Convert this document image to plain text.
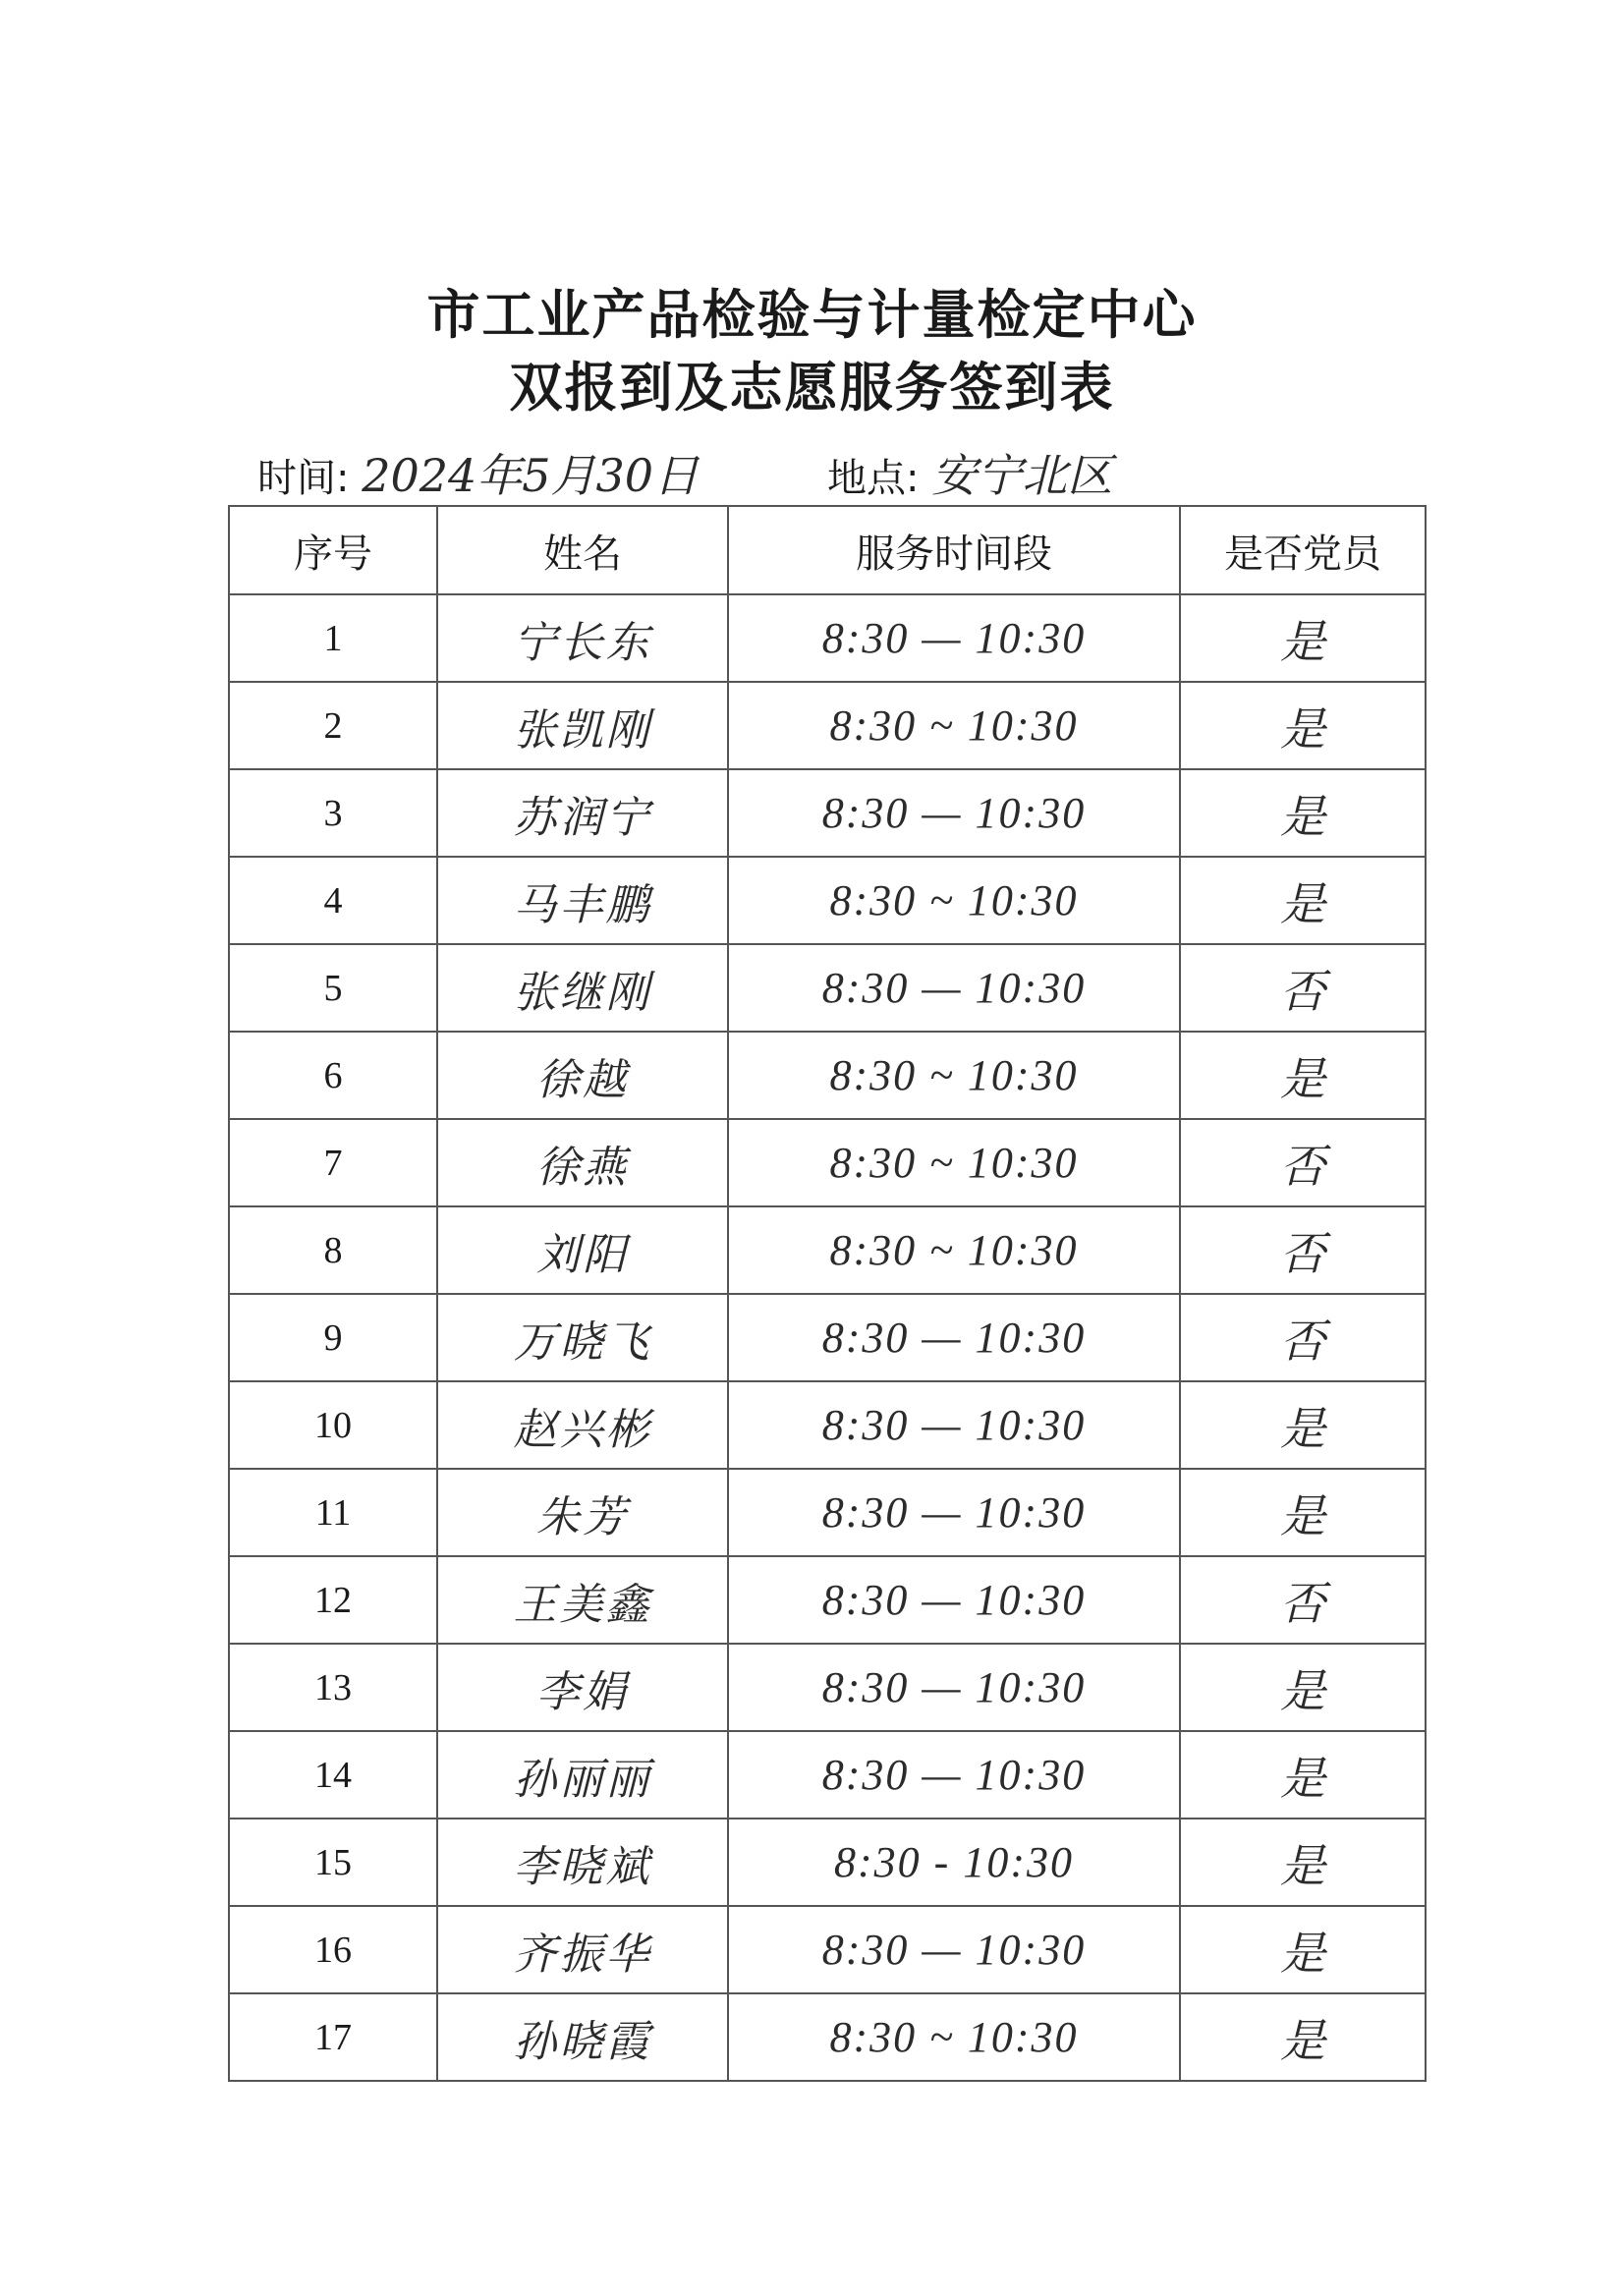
市工业产品检验与计量检定中心
双报到及志愿服务签到表
时间: 2024年5月30日	地点: 安宁北区
序号	姓名	服务时间段	是否党员
1	宁长东	8:30 — 10:30	是
2	张凯刚	8:30 ~ 10:30	是
3	苏润宁	8:30 — 10:30	是
4	马丰鹏	8:30 ~ 10:30	是
5	张继刚	8:30 — 10:30	否
6	徐越	8:30 ~ 10:30	是
7	徐燕	8:30 ~ 10:30	否
8	刘阳	8:30 ~ 10:30	否
9	万晓飞	8:30 — 10:30	否
10	赵兴彬	8:30 — 10:30	是
11	朱芳	8:30 — 10:30	是
12	王美鑫	8:30 — 10:30	否
13	李娟	8:30 — 10:30	是
14	孙丽丽	8:30 — 10:30	是
15	李晓斌	8:30 - 10:30	是
16	齐振华	8:30 — 10:30	是
17	孙晓霞	8:30 ~ 10:30	是
